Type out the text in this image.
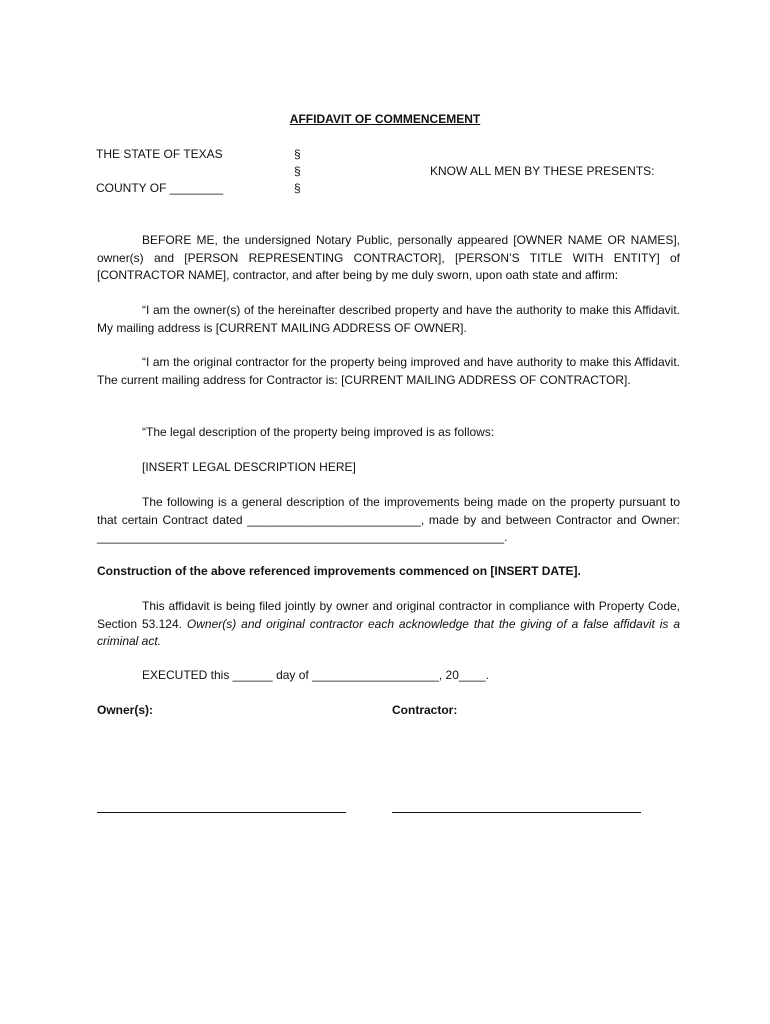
AFFIDAVIT OF COMMENCEMENT
THE STATE OF TEXAS
COUNTY OF ________
§
§
§
KNOW ALL MEN BY THESE PRESENTS:
BEFORE ME, the undersigned Notary Public, personally appeared [OWNER NAME OR NAMES], owner(s) and [PERSON REPRESENTING CONTRACTOR], [PERSON’S TITLE WITH ENTITY] of [CONTRACTOR NAME], contractor, and after being by me duly sworn, upon oath state and affirm:
“I am the owner(s) of the hereinafter described property and have the authority to make this Affidavit. My mailing address is [CURRENT MAILING ADDRESS OF OWNER].
“I am the original contractor for the property being improved and have authority to make this Affidavit. The current mailing address for Contractor is: [CURRENT MAILING ADDRESS OF CONTRACTOR].
“The legal description of the property being improved is as follows:
[INSERT LEGAL DESCRIPTION HERE]
The following is a general description of the improvements being made on the property pursuant to that certain Contract dated __________________________, made by and between Contractor and Owner: _____________________________________________________________.
Construction of the above referenced improvements commenced on [INSERT DATE].
This affidavit is being filed jointly by owner and original contractor in compliance with Property Code, Section 53.124. Owner(s) and original contractor each acknowledge that the giving of a false affidavit is a criminal act.
EXECUTED this ______ day of ___________________, 20____.
Owner(s):	Contractor:
